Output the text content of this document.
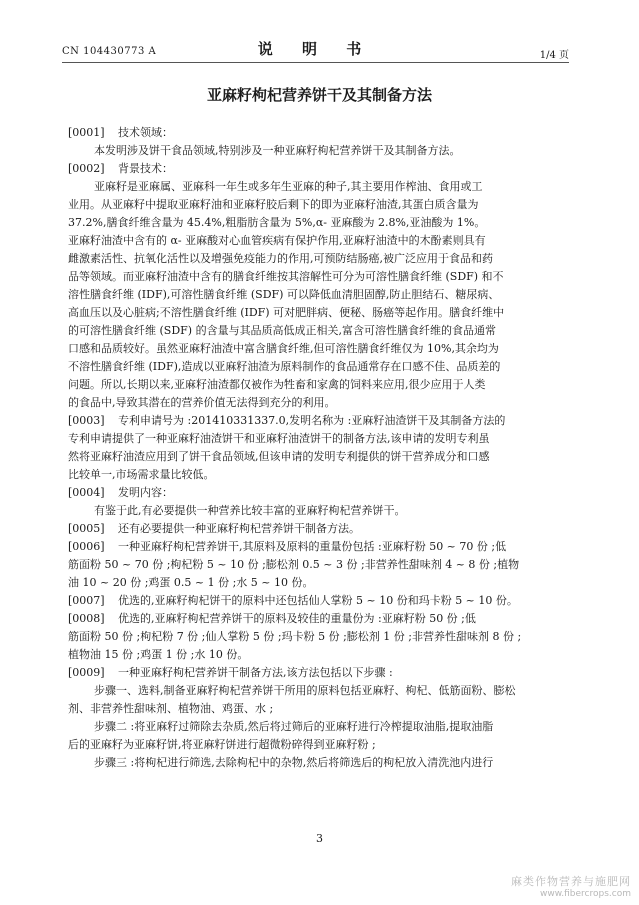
CN 104430773 A	说 明 书	1/4 页
亚麻籽枸杞营养饼干及其制备方法
[0001] 技术领域：
本发明涉及饼干食品领域,特别涉及一种亚麻籽枸杞营养饼干及其制备方法。
[0002] 背景技术：
亚麻籽是亚麻属、亚麻科一年生或多年生亚麻的种子,其主要用作榨油、食用或工
业用。从亚麻籽中提取亚麻籽油和亚麻籽胶后剩下的即为亚麻籽油渣,其蛋白质含量为
37.2%,膳食纤维含量为 45.4%,粗脂肪含量为 5%,α- 亚麻酸为 2.8%,亚油酸为 1%。
亚麻籽油渣中含有的 α- 亚麻酸对心血管疾病有保护作用,亚麻籽油渣中的木酚素则具有
雌激素活性、抗氧化活性以及增强免疫能力的作用,可预防结肠癌,被广泛应用于食品和药
品等领域。而亚麻籽油渣中含有的膳食纤维按其溶解性可分为可溶性膳食纤维 (SDF) 和不
溶性膳食纤维 (IDF),可溶性膳食纤维 (SDF) 可以降低血清胆固醇,防止胆结石、糖尿病、
高血压以及心脏病;不溶性膳食纤维 (IDF) 可对肥胖病、便秘、肠癌等起作用。膳食纤维中
的可溶性膳食纤维 (SDF) 的含量与其品质高低成正相关,富含可溶性膳食纤维的食品通常
口感和品质较好。虽然亚麻籽油渣中富含膳食纤维,但可溶性膳食纤维仅为 10%,其余均为
不溶性膳食纤维 (IDF),造成以亚麻籽油渣为原料制作的食品通常存在口感不佳、品质差的
问题。所以,长期以来,亚麻籽油渣都仅被作为牲畜和家禽的饲料来应用,很少应用于人类
的食品中,导致其潜在的营养价值无法得到充分的利用。
[0003] 专利申请号为 :201410331337.0,发明名称为 :亚麻籽油渣饼干及其制备方法的
专利申请提供了一种亚麻籽油渣饼干和亚麻籽油渣饼干的制备方法,该申请的发明专利虽
然将亚麻籽油渣应用到了饼干食品领域,但该申请的发明专利提供的饼干营养成分和口感
比较单一,市场需求量比较低。
[0004] 发明内容：
有鉴于此,有必要提供一种营养比较丰富的亚麻籽枸杞营养饼干。
[0005] 还有必要提供一种亚麻籽枸杞营养饼干制备方法。
[0006] 一种亚麻籽枸杞营养饼干,其原料及原料的重量份包括 :亚麻籽粉 50 ~ 70 份 ;低
筋面粉 50 ~ 70 份 ;枸杞粉 5 ~ 10 份 ;膨松剂 0.5 ~ 3 份 ;非营养性甜味剂 4 ~ 8 份 ;植物
油 10 ~ 20 份 ;鸡蛋 0.5 ~ 1 份 ;水 5 ~ 10 份。
[0007] 优选的,亚麻籽枸杞饼干的原料中还包括仙人掌粉 5 ~ 10 份和玛卡粉 5 ~ 10 份。
[0008] 优选的,亚麻籽枸杞营养饼干的原料及较佳的重量份为 :亚麻籽粉 50 份 ;低
筋面粉 50 份 ;枸杞粉 7 份 ;仙人掌粉 5 份 ;玛卡粉 5 份 ;膨松剂 1 份 ;非营养性甜味剂 8 份 ;
植物油 15 份 ;鸡蛋 1 份 ;水 10 份。
[0009] 一种亚麻籽枸杞营养饼干制备方法,该方法包括以下步骤 :
步骤一、选料,制备亚麻籽枸杞营养饼干所用的原料包括亚麻籽、枸杞、低筋面粉、膨松
剂、非营养性甜味剂、植物油、鸡蛋、水 ;
步骤二 :将亚麻籽过筛除去杂质,然后将过筛后的亚麻籽进行冷榨提取油脂,提取油脂
后的亚麻籽为亚麻籽饼,将亚麻籽饼进行超微粉碎得到亚麻籽粉 ;
步骤三 :将枸杞进行筛选,去除枸杞中的杂物,然后将筛选后的枸杞放入清洗池内进行
3
麻类作物营养与施肥网
www.fibercrops.com
